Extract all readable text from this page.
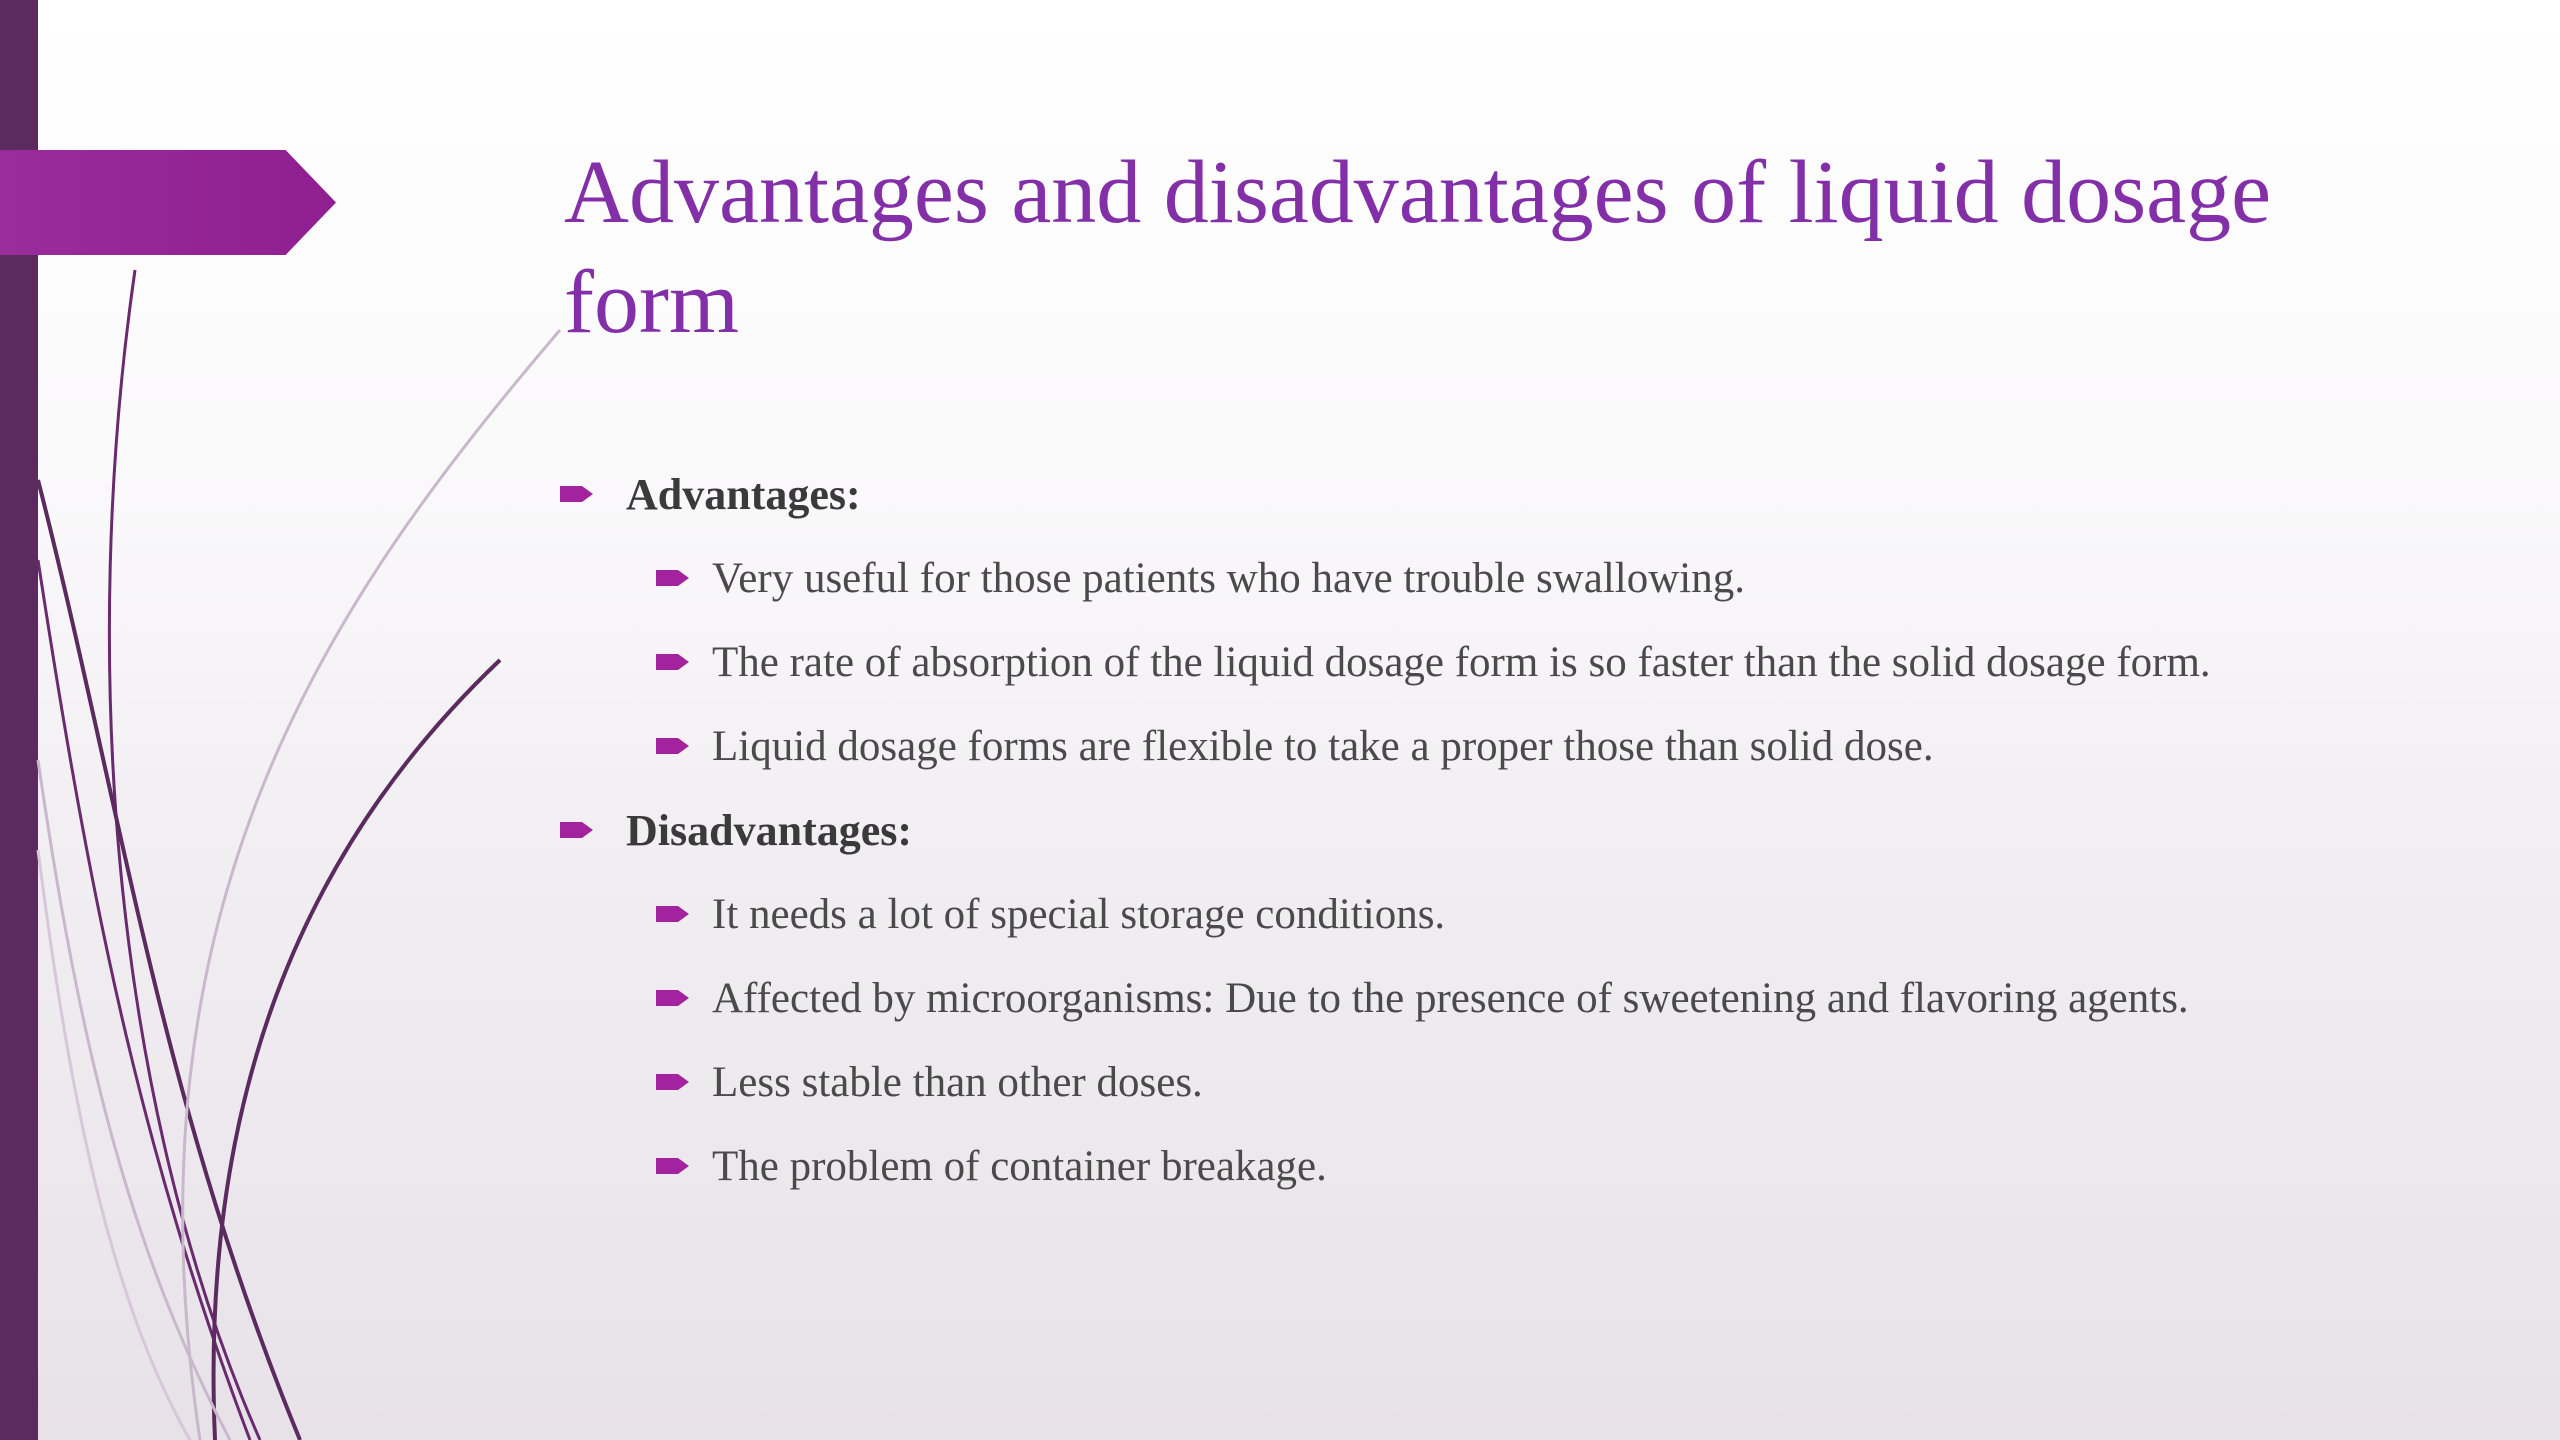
Advantages and disadvantages of liquid dosage form
Advantages:
Very useful for those patients who have trouble swallowing.
The rate of absorption of the liquid dosage form is so faster than the solid dosage form.
Liquid dosage forms are flexible to take a proper those than solid dose.
Disadvantages:
It needs a lot of special storage conditions.
Affected by microorganisms: Due to the presence of sweetening and flavoring agents.
Less stable than other doses.
The problem of container breakage.
